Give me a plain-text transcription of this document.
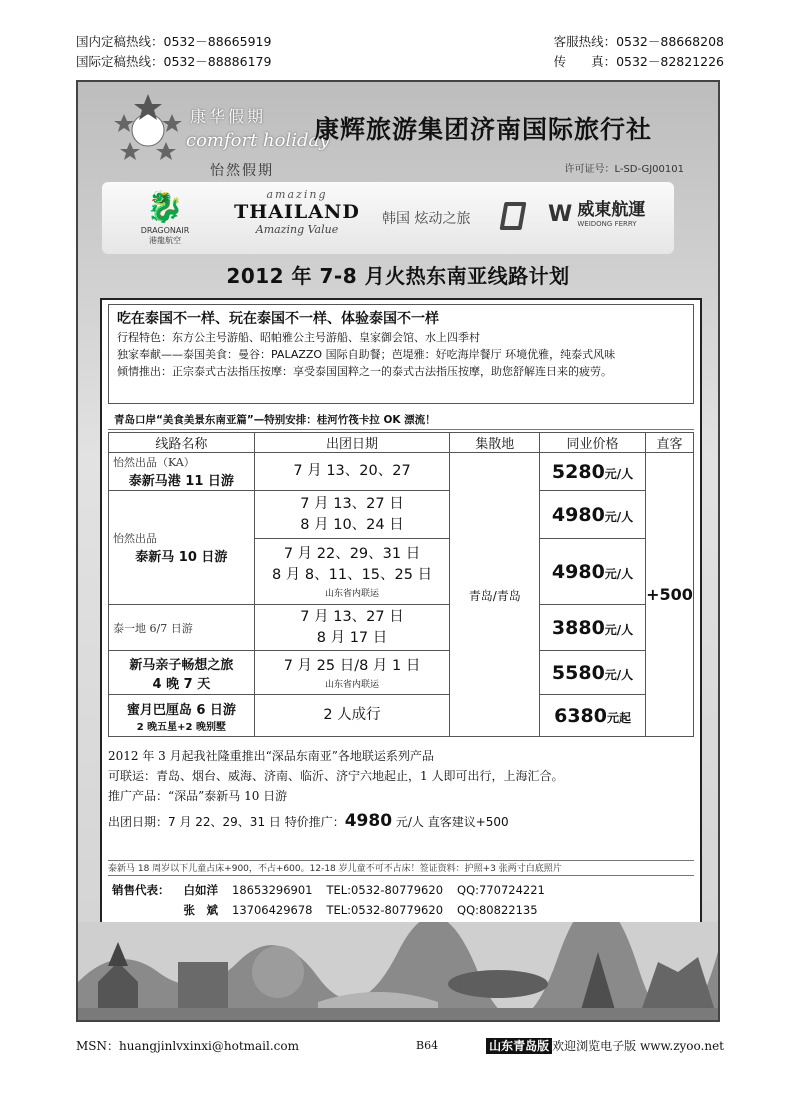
国内定稿热线：0532－88665919
国际定稿热线：0532－88886179
客服热线：0532－88668208
传　　真：0532－82821226
康华假期
comfort holiday
怡然假期
康辉旅游集团济南国际旅行社
许可证号：L-SD-GJ00101
🐉
DRAGONAIR
港龍航空
amazing
THAILAND
Amazing Value
韩国 炫动之旅	W 威東航運
WEIDONG FERRY
2012 年 7-8 月火热东南亚线路计划
吃在泰国不一样、玩在泰国不一样、体验泰国不一样
行程特色：东方公主号游船、昭帕雅公主号游船、皇家御会馆、水上四季村
独家奉献——泰国美食：曼谷：PALAZZO 国际自助餐；芭堤雅：好吃海岸餐厅 环境优雅，纯泰式风味
倾情推出：正宗泰式古法指压按摩：享受泰国国粹之一的泰式古法指压按摩，助您舒解连日来的疲劳。
青岛口岸“美食美景东南亚篇”—特别安排：桂河竹筏卡拉 OK 漂流！
线路名称	出团日期	集散地	同业价格	直客

怡然出品（KA）
泰新马港 11 日游	7 月 13、20、27	青岛/青岛	5280元/人	+500

怡然出品
泰新马 10 日游	7 月 13、27 日
8 月 10、24 日		4980元/人	

	7 月 22、29、31 日
8 月 8、11、15、25 日
山东省内联运		4980元/人	

泰一地 6/7 日游	7 月 13、27 日
8 月 17 日		3880元/人	

新马亲子畅想之旅
4 晚 7 天	7 月 25 日/8 月 1 日
山东省内联运		5580元/人	

蜜月巴厘岛 6 日游
2 晚五星+2 晚别墅	2 人成行		6380元起	
2012 年 3 月起我社隆重推出“深品东南亚”各地联运系列产品
可联运：青岛、烟台、威海、济南、临沂、济宁六地起止，1 人即可出行，上海汇合。
推广产品：“深品”泰新马 10 日游
出团日期：7 月 22、29、31 日 特价推广：4980 元/人 直客建议+500
泰新马 18 周岁以下儿童占床+900，不占+600。12-18 岁儿童不可不占床！签证资料：护照+3 张两寸白底照片
销售代表：	白如洋	18653296901	TEL:0532-80779620	QQ:770724221
	张　斌	13706429678	TEL:0532-80779620	QQ:80822135

MSN：huangjinlvxinxi@hotmail.com	B64	山东青岛版 欢迎浏览电子版 www.zyoo.net
